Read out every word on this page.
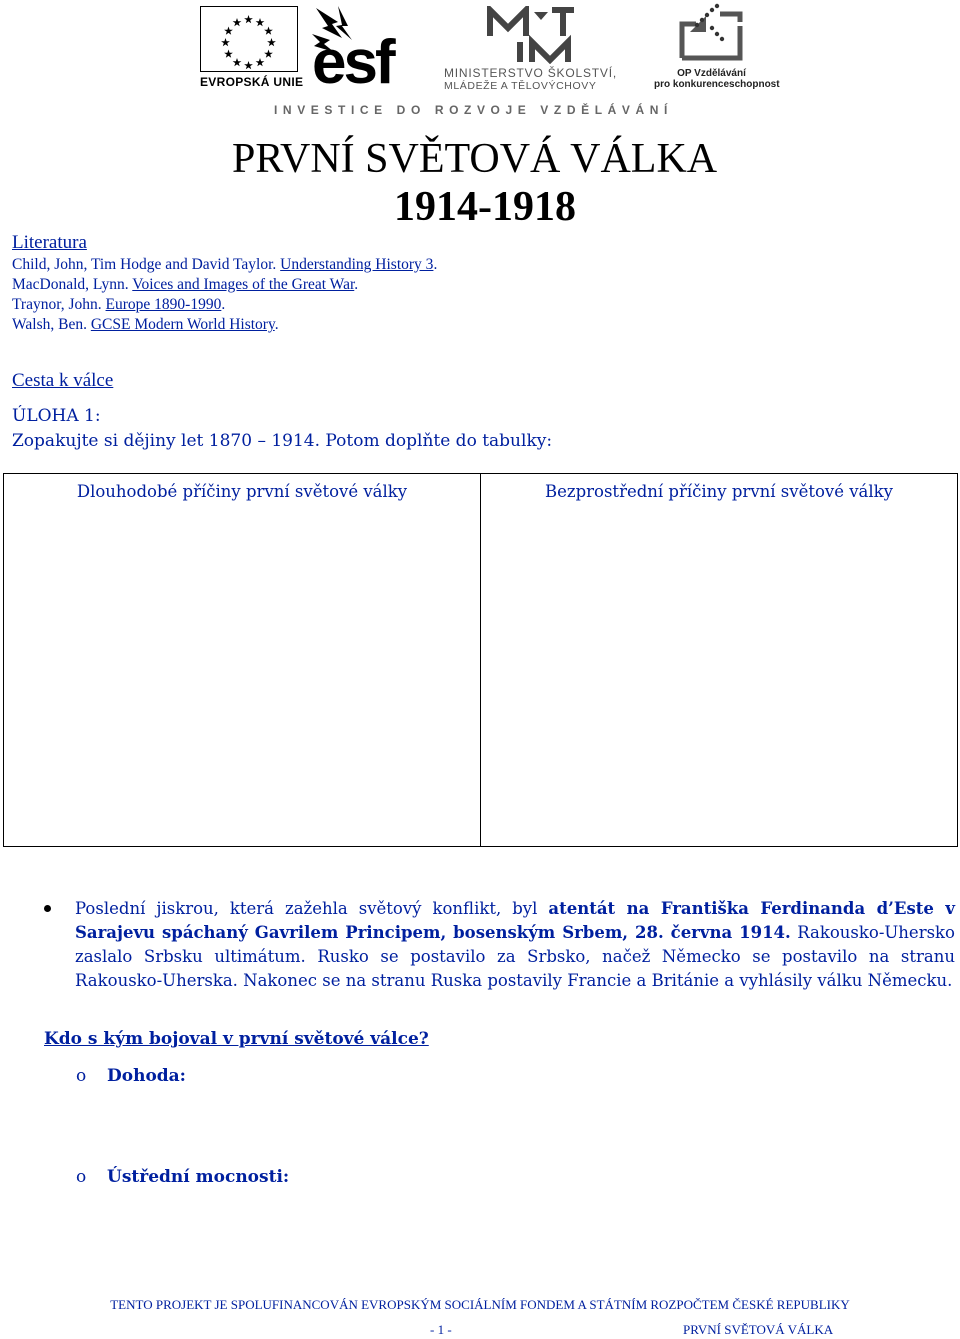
EVROPSKÁ UNIE esf	MINISTERSTVO ŠKOLSTVÍ,
MLÁDEŽE A TĚLOVÝCHOVY
OP Vzdělávání
pro konkurenceschopnost
INVESTICE DO ROZVOJE VZDĚLÁVÁNÍ
PRVNÍ SVĚTOVÁ VÁLKA
1914-1918
Literatura
Child, John, Tim Hodge and David Taylor. Understanding History 3.
MacDonald, Lynn. Voices and Images of the Great War.
Traynor, John. Europe 1890-1990.
Walsh, Ben. GCSE Modern World History.
Cesta k válce
ÚLOHA 1:
Zopakujte si dějiny let 1870 – 1914. Potom doplňte do tabulky:
Dlouhodobé příčiny první světové války	Bezprostřední příčiny první světové války
Poslední jiskrou, která zažehla světový konflikt, byl atentát na Františka Ferdinanda d’Este v Sarajevu spáchaný Gavrilem Principem, bosenským Srbem, 28. června 1914. Rakousko-Uhersko zaslalo Srbsku ultimátum. Rusko se postavilo za Srbsko, načež Německo se postavilo na stranu Rakousko-Uherska. Nakonec se na stranu Ruska postavily Francie a Británie a vyhlásily válku Německu.
Kdo s kým bojoval v první světové válce?
o Dohoda:
o Ústřední mocnosti:
TENTO PROJEKT JE SPOLUFINANCOVÁN EVROPSKÝM SOCIÁLNÍM FONDEM A STÁTNÍM ROZPOČTEM ČESKÉ REPUBLIKY
- 1 -	PRVNÍ SVĚTOVÁ VÁLKA
